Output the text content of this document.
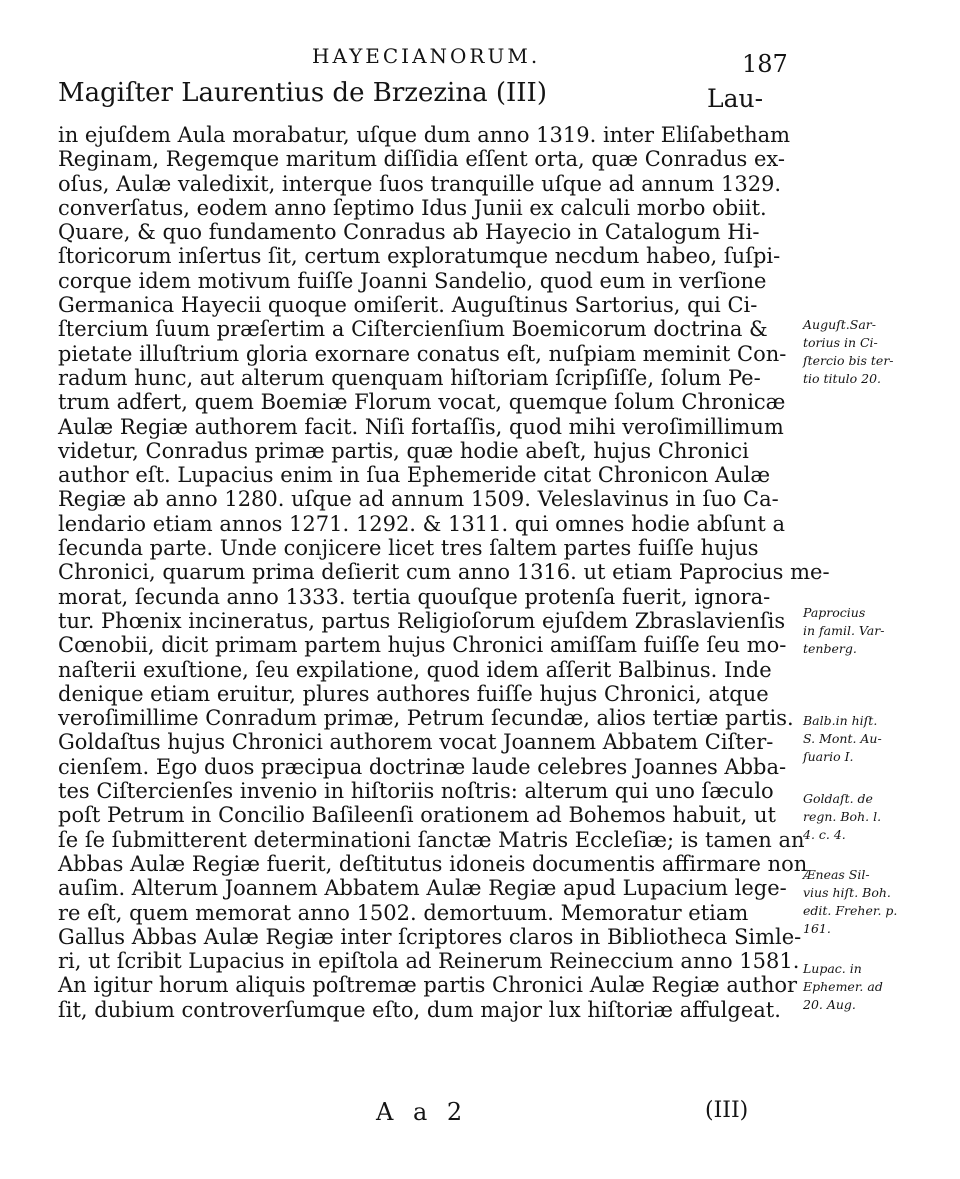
HAYECIANORUM.	187
Magiſter Laurentius de Brzezina (III)	Lau-
in ejuſdem Aula morabatur, uſque dum anno 1319. inter Eliſabetham
Reginam, Regemque maritum diſſidia eſſent orta, quæ Conradus ex-
oſus, Aulæ valedixit, interque ſuos tranquille uſque ad annum 1329.
converſatus, eodem anno ſeptimo Idus Junii ex calculi morbo obiit.
Quare, & quo fundamento Conradus ab Hayecio in Catalogum Hi-
ſtoricorum inſertus ſit, certum exploratumque necdum habeo, ſuſpi-
corque idem motivum fuiſſe Joanni Sandelio, quod eum in verſione
Germanica Hayecii quoque omiſerit. Auguſtinus Sartorius, qui Ci-
ſtercium ſuum præſertim a Ciſtercienſium Boemicorum doctrina &
pietate illuſtrium gloria exornare conatus eſt, nuſpiam meminit Con-
radum hunc, aut alterum quenquam hiſtoriam ſcripſiſſe, ſolum Pe-
trum adfert, quem Boemiæ Florum vocat, quemque ſolum Chronicæ
Aulæ Regiæ authorem facit. Niſi fortaſſis, quod mihi veroſimillimum
videtur, Conradus primæ partis, quæ hodie abeſt, hujus Chronici
author eſt. Lupacius enim in ſua Ephemeride citat Chronicon Aulæ
Regiæ ab anno 1280. uſque ad annum 1509. Veleslavinus in ſuo Ca-
lendario etiam annos 1271. 1292. & 1311. qui omnes hodie abſunt a
ſecunda parte. Unde conjicere licet tres ſaltem partes fuiſſe hujus
Chronici, quarum prima deſierit cum anno 1316. ut etiam Paprocius me-
morat, ſecunda anno 1333. tertia quouſque protenſa fuerit, ignora-
tur. Phœnix incineratus, partus Religioſorum ejuſdem Zbraslavienſis
Cœnobii, dicit primam partem hujus Chronici amiſſam fuiſſe ſeu mo-
naſterii exuſtione, ſeu expilatione, quod idem aſſerit Balbinus. Inde
denique etiam eruitur, plures authores fuiſſe hujus Chronici, atque
veroſimillime Conradum primæ, Petrum ſecundæ, alios tertiæ partis.
Goldaſtus hujus Chronici authorem vocat Joannem Abbatem Ciſter-
cienſem. Ego duos præcipua doctrinæ laude celebres Joannes Abba-
tes Ciſtercienſes invenio in hiſtoriis noſtris: alterum qui uno ſæculo
poſt Petrum in Concilio Baſileenſi orationem ad Bohemos habuit, ut
ſe ſe ſubmitterent determinationi ſanctæ Matris Eccleſiæ; is tamen an
Abbas Aulæ Regiæ fuerit, deſtitutus idoneis documentis affirmare non
auſim. Alterum Joannem Abbatem Aulæ Regiæ apud Lupacium lege-
re eſt, quem memorat anno 1502. demortuum. Memoratur etiam
Gallus Abbas Aulæ Regiæ inter ſcriptores claros in Bibliotheca Simle-
ri, ut ſcribit Lupacius in epiſtola ad Reinerum Reineccium anno 1581.
An igitur horum aliquis poſtremæ partis Chronici Aulæ Regiæ author
ſit, dubium controverſumque eſto, dum major lux hiſtoriæ affulgeat.
Auguſt.Sar-
torius in Ci-
ſtercio bis ter-
tio titulo 20.
Paprocius
in famil. Var-
tenberg.
Balb.in hiſt.
S. Mont. Au-
ſuario I.
Goldaſt. de
regn. Boh. l.
4. c. 4.
Æneas Sil-
vius hiſt. Boh.
edit. Freher. p.
161.
Lupac. in
Ephemer. ad
20. Aug.
A a 2	(III)
